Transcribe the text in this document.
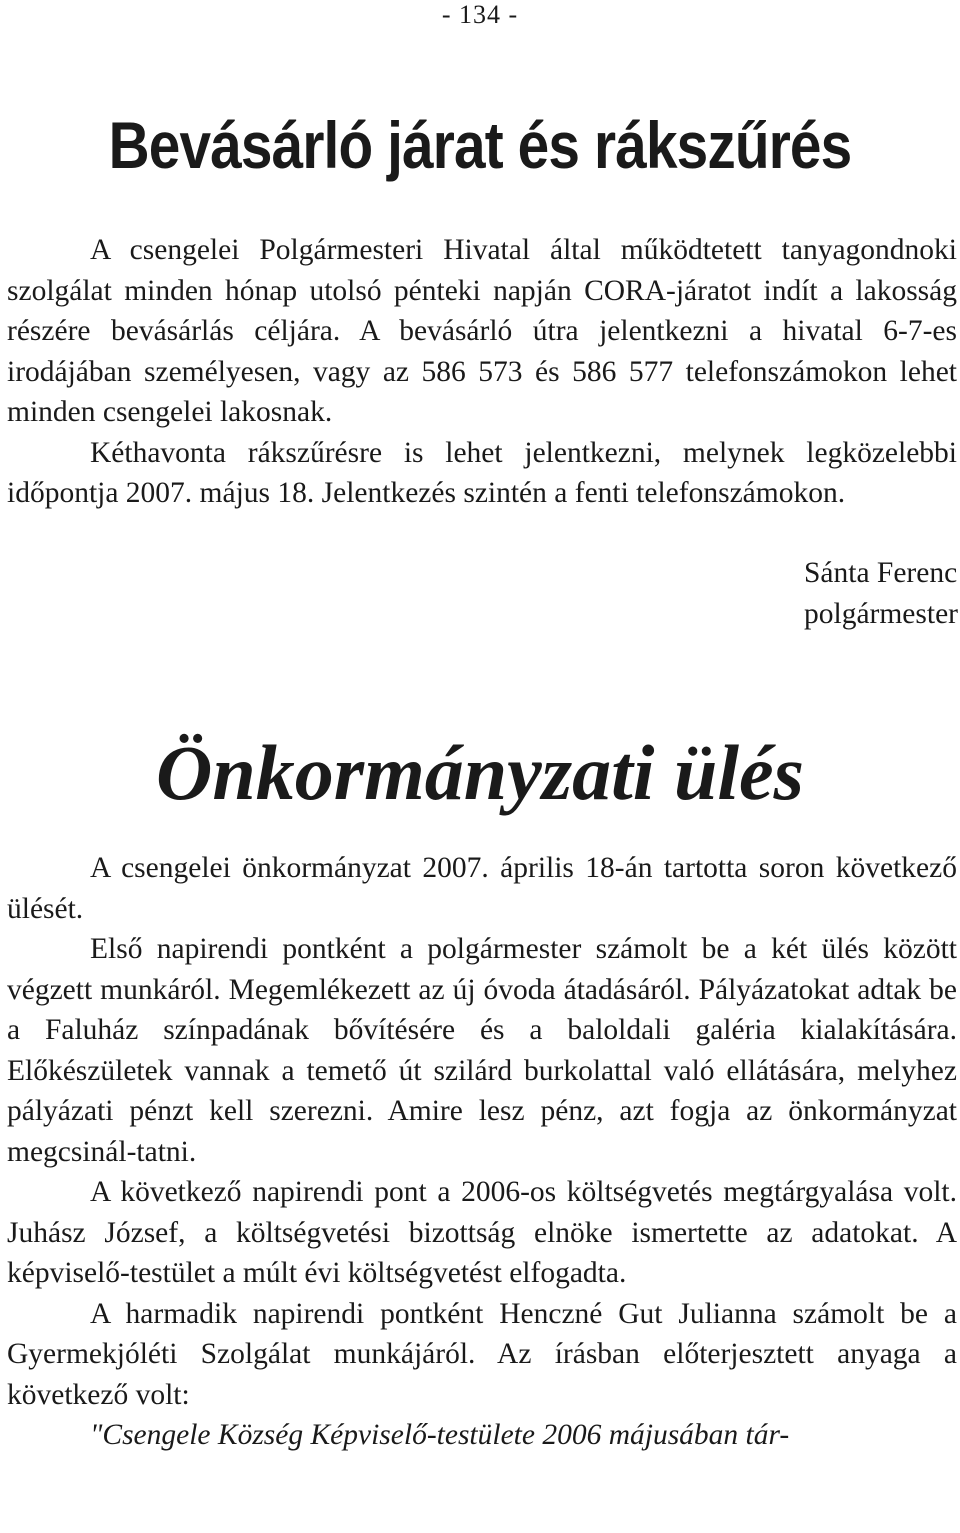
- 134 -
Bevásárló járat és rákszűrés

A csengelei Polgármesteri Hivatal által működtetett tanyagondnoki szolgálat minden hónap utolsó pénteki napján CORA-járatot indít a lakosság részére bevásárlás céljára. A bevásárló útra jelentkezni a hivatal 6-7-es irodájában személyesen, vagy az 586 573 és 586 577 telefonszámokon lehet minden csengelei lakosnak.

Kéthavonta rákszűrésre is lehet jelentkezni, melynek legközelebbi időpontja 2007. május 18. Jelentkezés szintén a fenti telefonszámokon.

Sánta Ferenc
polgármester
Önkormányzati ülés

A csengelei önkormányzat 2007. április 18-án tartotta soron következő ülését.

Első napirendi pontként a polgármester számolt be a két ülés között végzett munkáról. Megemlékezett az új óvoda átadásáról. Pályázatokat adtak be a Faluház színpadának bővítésére és a baloldali galéria kialakítására. Előkészületek vannak a temető út szilárd burkolattal való ellátására, melyhez pályázati pénzt kell szerezni. Amire lesz pénz, azt fogja az önkormányzat megcsinál-tatni.

A következő napirendi pont a 2006-os költségvetés megtárgyalása volt. Juhász József, a költségvetési bizottság elnöke ismertette az adatokat. A képviselő-testület a múlt évi költségvetést elfogadta.

A harmadik napirendi pontként Henczné Gut Julianna számolt be a Gyermekjóléti Szolgálat munkájáról. Az írásban előterjesztett anyaga a következő volt:

"Csengele Község Képviselő-testülete 2006 májusában tár-
